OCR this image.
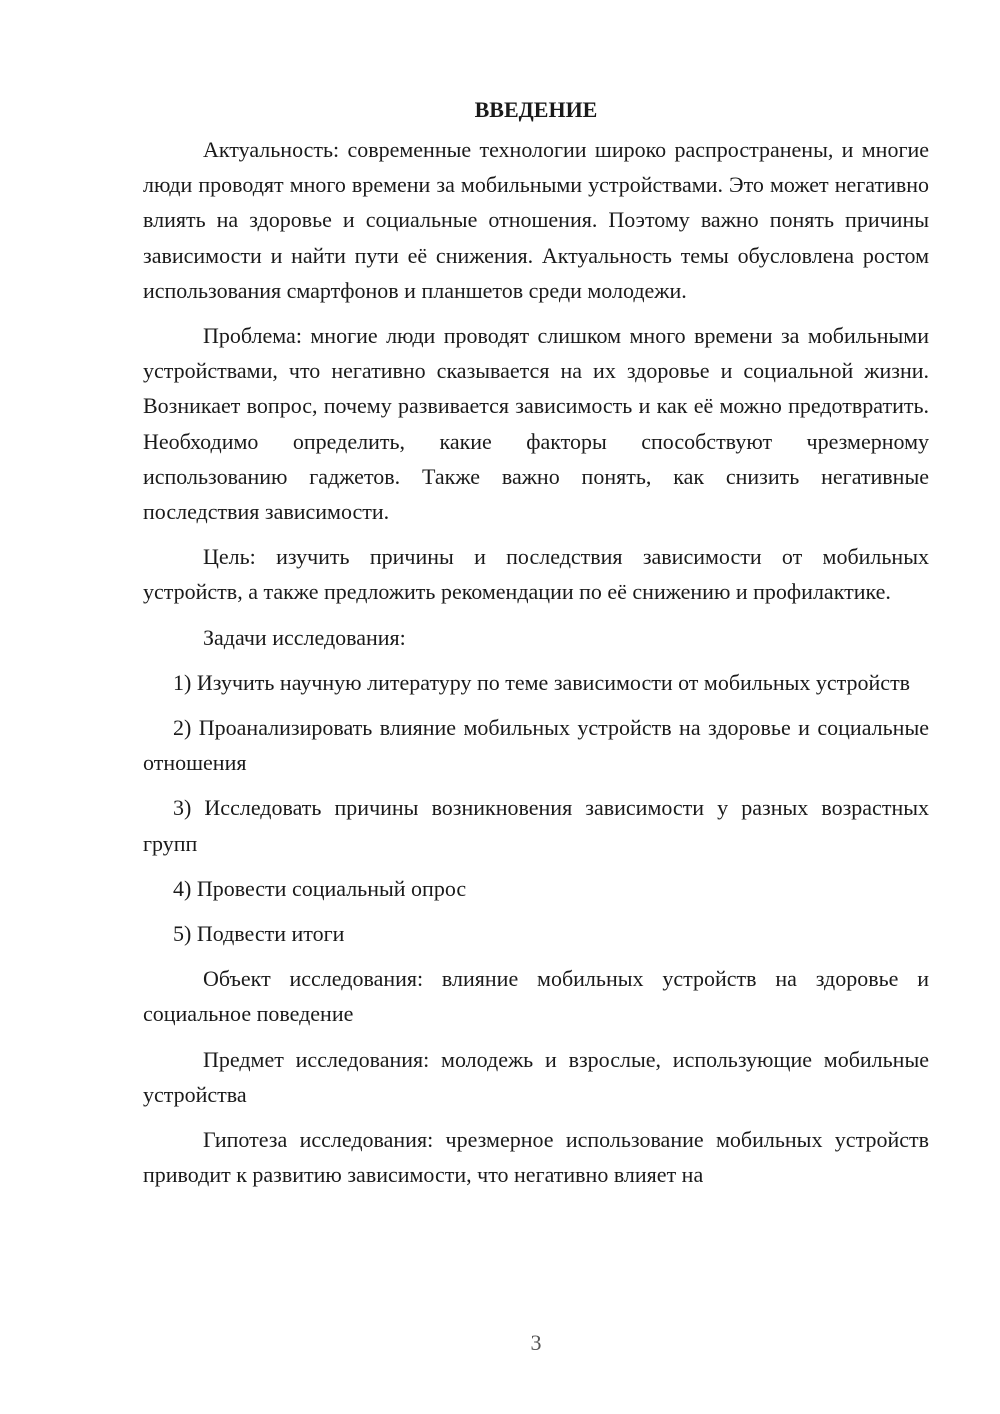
ВВЕДЕНИЕ

Актуальность: современные технологии широко распространены, и многие люди проводят много времени за мобильными устройствами. Это может негативно влиять на здоровье и социальные отношения. Поэтому важно понять причины зависимости и найти пути её снижения. Актуальность темы обусловлена ростом использования смартфонов и планшетов среди молодежи.

Проблема: многие люди проводят слишком много времени за мобильными устройствами, что негативно сказывается на их здоровье и социальной жизни. Возникает вопрос, почему развивается зависимость и как её можно предотвратить. Необходимо определить, какие факторы способствуют чрезмерному использованию гаджетов. Также важно понять, как снизить негативные последствия зависимости.

Цель: изучить причины и последствия зависимости от мобильных устройств, а также предложить рекомендации по её снижению и профилактике.

Задачи исследования:

1) Изучить научную литературу по теме зависимости от мобильных устройств

2) Проанализировать влияние мобильных устройств на здоровье и социальные отношения

3) Исследовать причины возникновения зависимости у разных возрастных групп

4) Провести социальный опрос

5) Подвести итоги

Объект исследования: влияние мобильных устройств на здоровье и социальное поведение

Предмет исследования: молодежь и взрослые, использующие мобильные устройства

Гипотеза исследования: чрезмерное использование мобильных устройств приводит к развитию зависимости, что негативно влияет на

3
